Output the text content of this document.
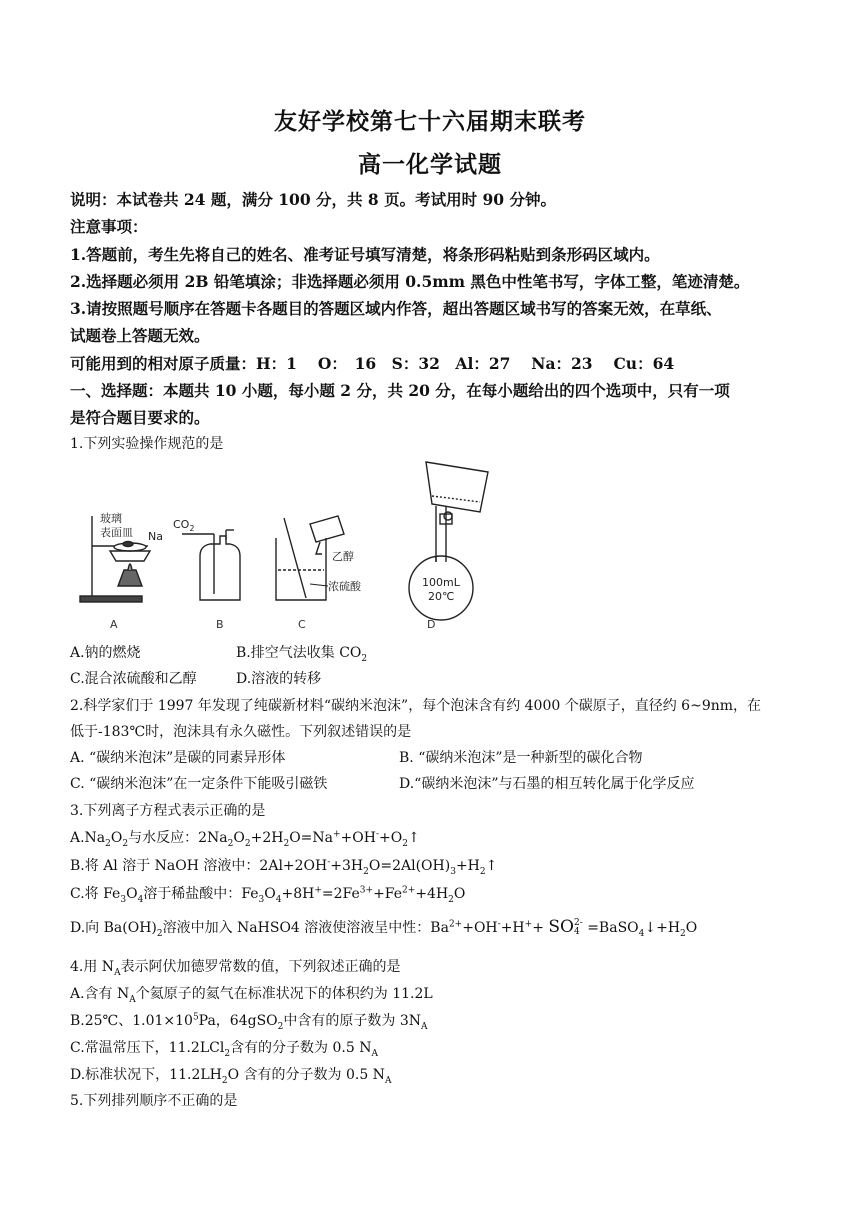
友好学校第七十六届期末联考
高一化学试题
说明：本试卷共 24 题，满分 100 分，共 8 页。考试用时 90 分钟。
注意事项：
1.答题前，考生先将自己的姓名、准考证号填写清楚，将条形码粘贴到条形码区域内。
2.选择题必须用 2B 铅笔填涂；非选择题必须用 0.5mm 黑色中性笔书写，字体工整，笔迹清楚。
3.请按照题号顺序在答题卡各题目的答题区域内作答，超出答题区域书写的答案无效，在草纸、
试题卷上答题无效。
可能用到的相对原子质量：H：1　 O：　16　S：32　Al：27　 Na：23　 Cu：64
一、选择题：本题共 10 小题，每小题 2 分，共 20 分，在每小题给出的四个选项中，只有一项
是符合题目要求的。
1.下列实验操作规范的是
玻璃
表面皿 Na
$CO_2$
乙醇
浓硫酸	100mL
20℃
A	B	C	D
A.钠的燃烧	B.排空气法收集 $CO_2$
C.混合浓硫酸和乙醇	D.溶液的转移
2.科学家们于 1997 年发现了纯碳新材料“碳纳米泡沫”，每个泡沫含有约 4000 个碳原子，直径约 6~9nm，在
低于-183℃时，泡沫具有永久磁性。下列叙述错误的是
A. “碳纳米泡沫”是碳的同素异形体	B. “碳纳米泡沫”是一种新型的碳化合物
C. “碳纳米泡沫”在一定条件下能吸引磁铁	D.“碳纳米泡沫”与石墨的相互转化属于化学反应
3.下列离子方程式表示正确的是
$A.Na_2O_2$与水反应：$2Na_2O_2+2H_2O=Na^++OH^-+O_2↑$
B.将 Al 溶于 NaOH 溶液中：$2Al+2OH^-+3H_2O=2Al(OH)_3+H_2↑$
C.将 $Fe_3O_4$溶于稀盐酸中：$Fe_3O_4+8H^+=2Fe^{3+}+Fe^{2+}+4H_2O$
D.向 $Ba(OH)_2$溶液中加入 NaHSO4 溶液使溶液呈中性：$Ba^{2+}+OH^-+H^++$ SO 2-
$4 =BaSO_4↓+H_2O$
4.用 $N_A$表示阿伏加德罗常数的值，下列叙述正确的是
A.含有 $N_A$个氦原子的氦气在标准状况下的体积约为 11.2L
B.25℃、$1.01\times 10^5Pa$，64gSO$_2$中含有的原子数为 $3N_A$
C.常温常压下，11.2LCl$_2$含有的分子数为 0.5 $N_A$
D.标准状况下，$11.2LH_2O$ 含有的分子数为 0.5 $N_A$
5.下列排列顺序不正确的是
